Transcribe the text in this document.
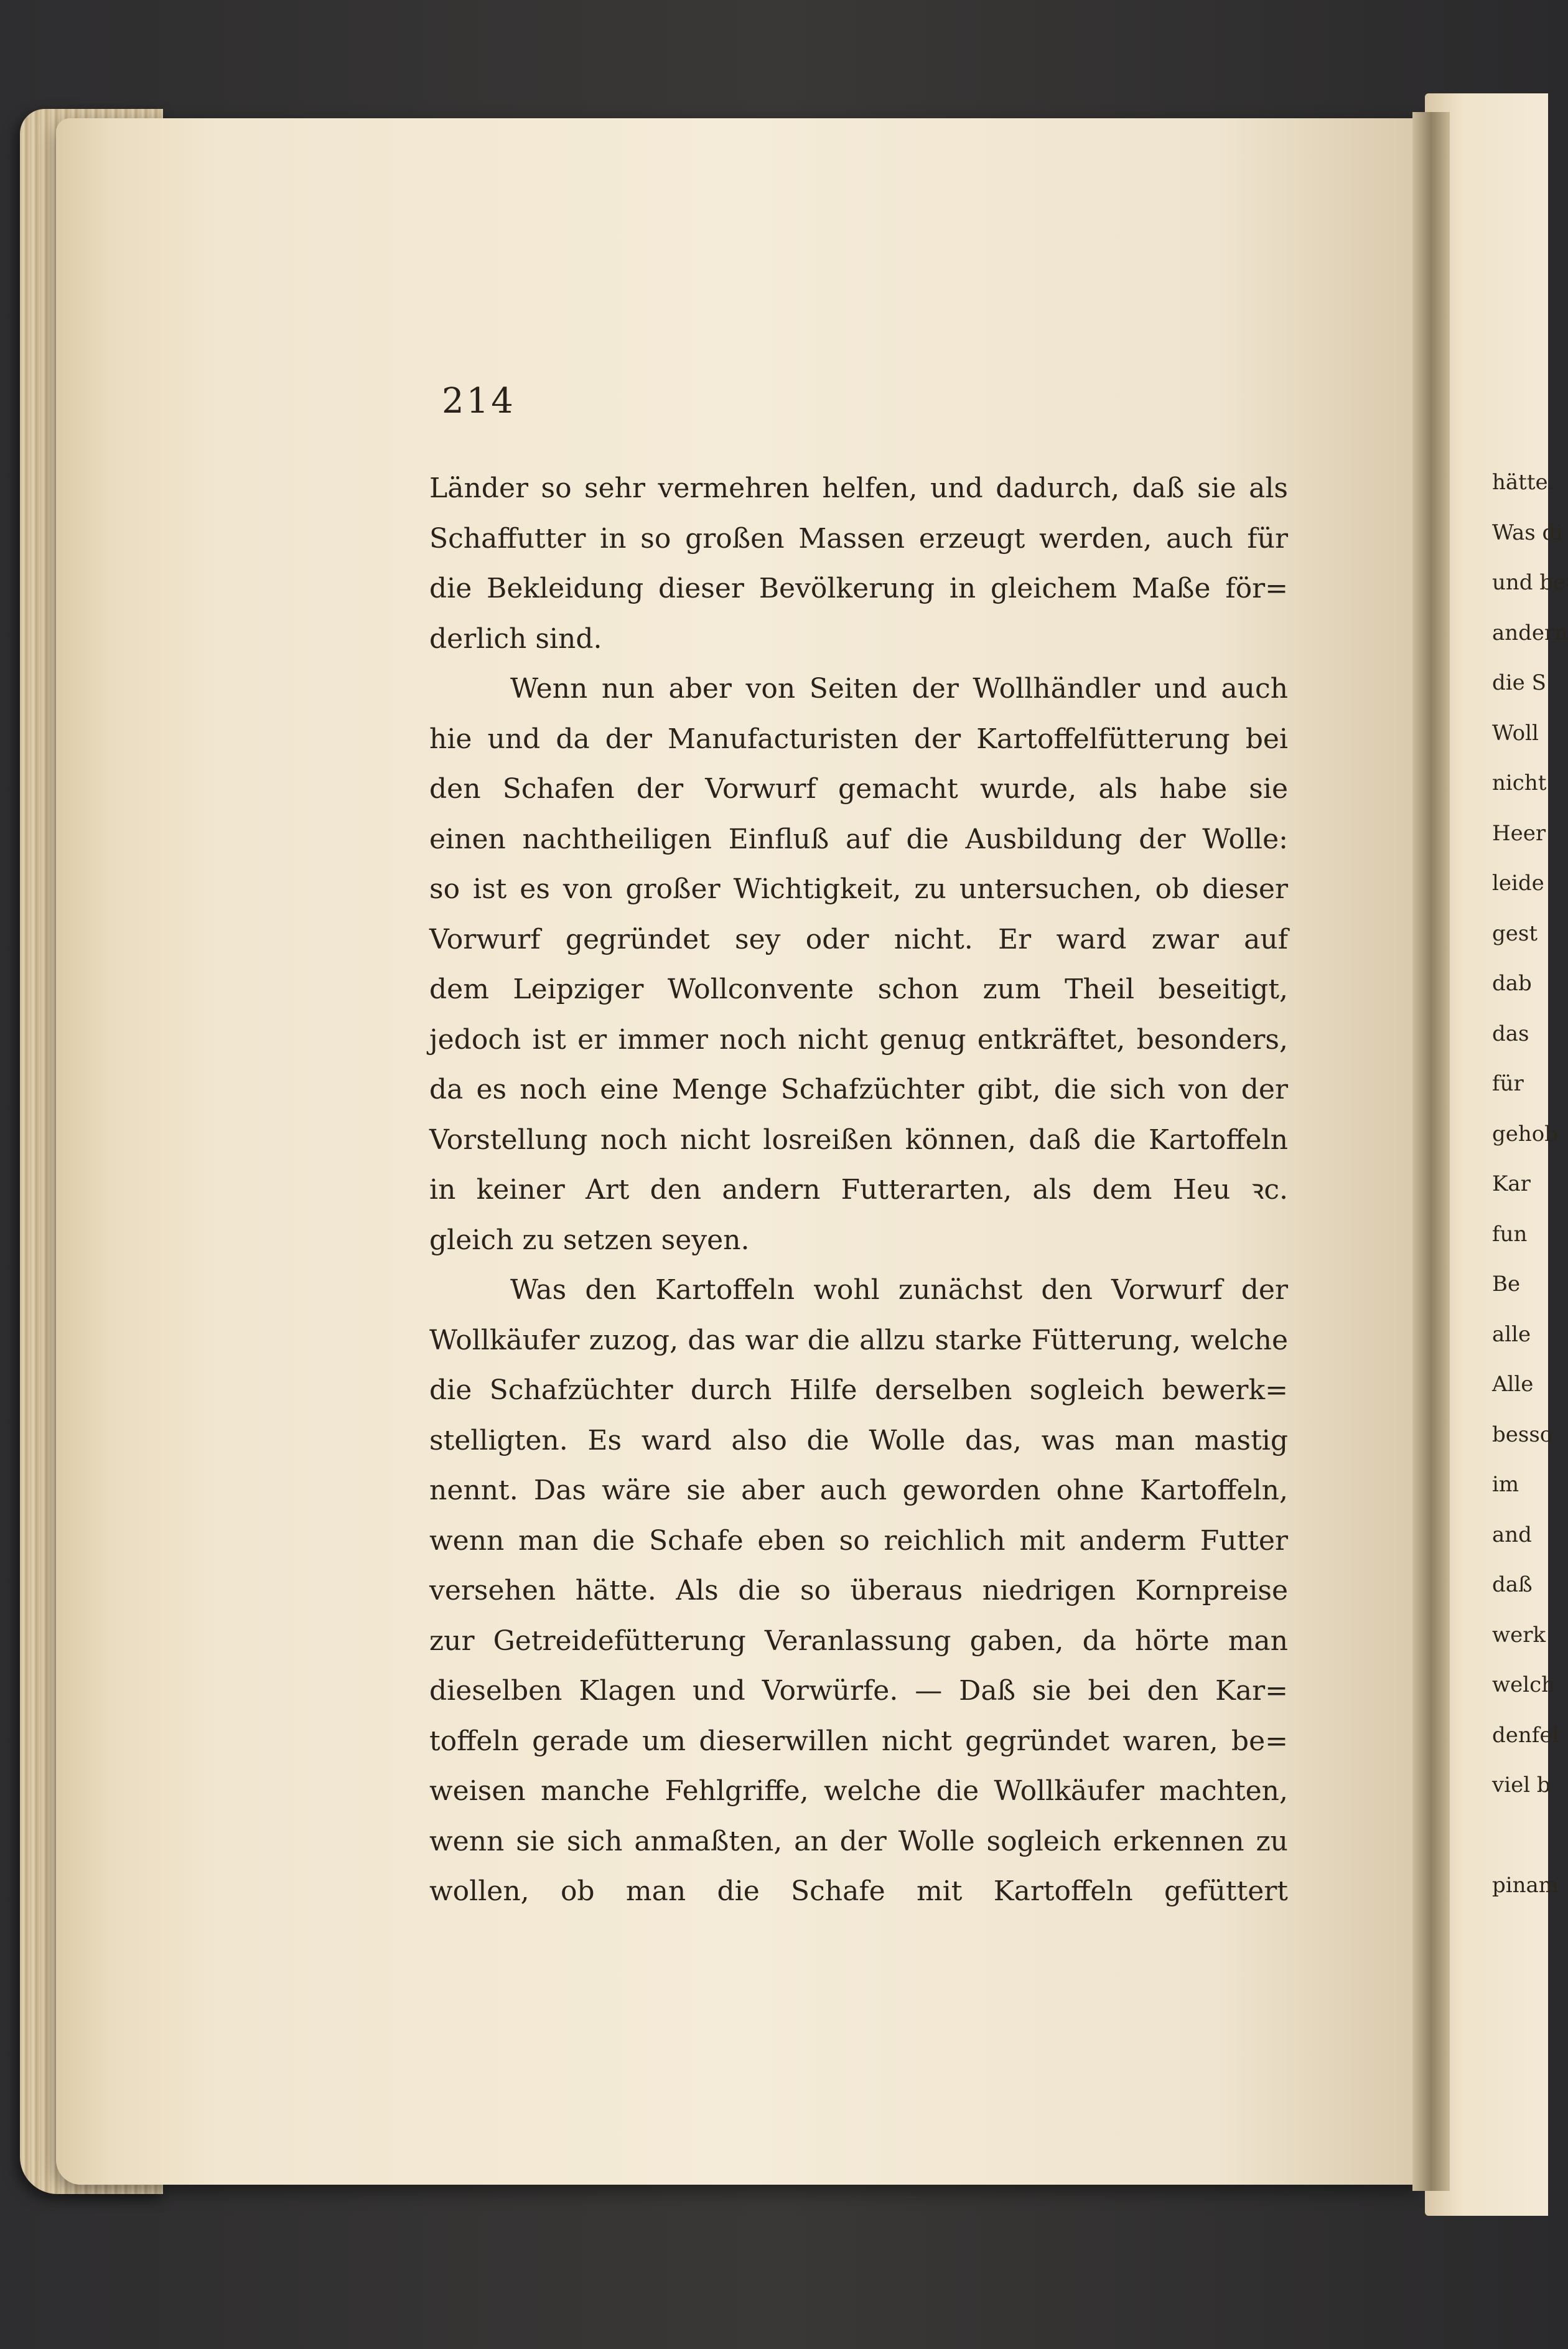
214
Länder so sehr vermehren helfen, und dadurch, daß sie als
Schaffutter in so großen Massen erzeugt werden, auch für
die Bekleidung dieser Bevölkerung in gleichem Maße för=
derlich sind.
Wenn nun aber von Seiten der Wollhändler und auch
hie und da der Manufacturisten der Kartoffelfütterung bei
den Schafen der Vorwurf gemacht wurde, als habe sie
einen nachtheiligen Einfluß auf die Ausbildung der Wolle:
so ist es von großer Wichtigkeit, zu untersuchen, ob dieser
Vorwurf gegründet sey oder nicht. Er ward zwar auf
dem Leipziger Wollconvente schon zum Theil beseitigt,
jedoch ist er immer noch nicht genug entkräftet, besonders,
da es noch eine Menge Schafzüchter gibt, die sich von der
Vorstellung noch nicht losreißen können, daß die Kartoffeln
in keiner Art den andern Futterarten, als dem Heu ꝛc.
gleich zu setzen seyen.
Was den Kartoffeln wohl zunächst den Vorwurf der
Wollkäufer zuzog, das war die allzu starke Fütterung, welche
die Schafzüchter durch Hilfe derselben sogleich bewerk=
stelligten. Es ward also die Wolle das, was man mastig
nennt. Das wäre sie aber auch geworden ohne Kartoffeln,
wenn man die Schafe eben so reichlich mit anderm Futter
versehen hätte. Als die so überaus niedrigen Kornpreise
zur Getreidefütterung Veranlassung gaben, da hörte man
dieselben Klagen und Vorwürfe. — Daß sie bei den Kar=
toffeln gerade um dieserwillen nicht gegründet waren, be=
weisen manche Fehlgriffe, welche die Wollkäufer machten,
wenn sie sich anmaßten, an der Wolle sogleich erkennen zu
wollen, ob man die Schafe mit Kartoffeln gefüttert
hätte.
Was di
und be
andern
die S
Woll
nicht
Heer
leide
gest
dab
das
für
gehob
Kar
fun
Be
alle
Alle
besso
im
and
daß
werk
welch
denfel
viel b
pinam
